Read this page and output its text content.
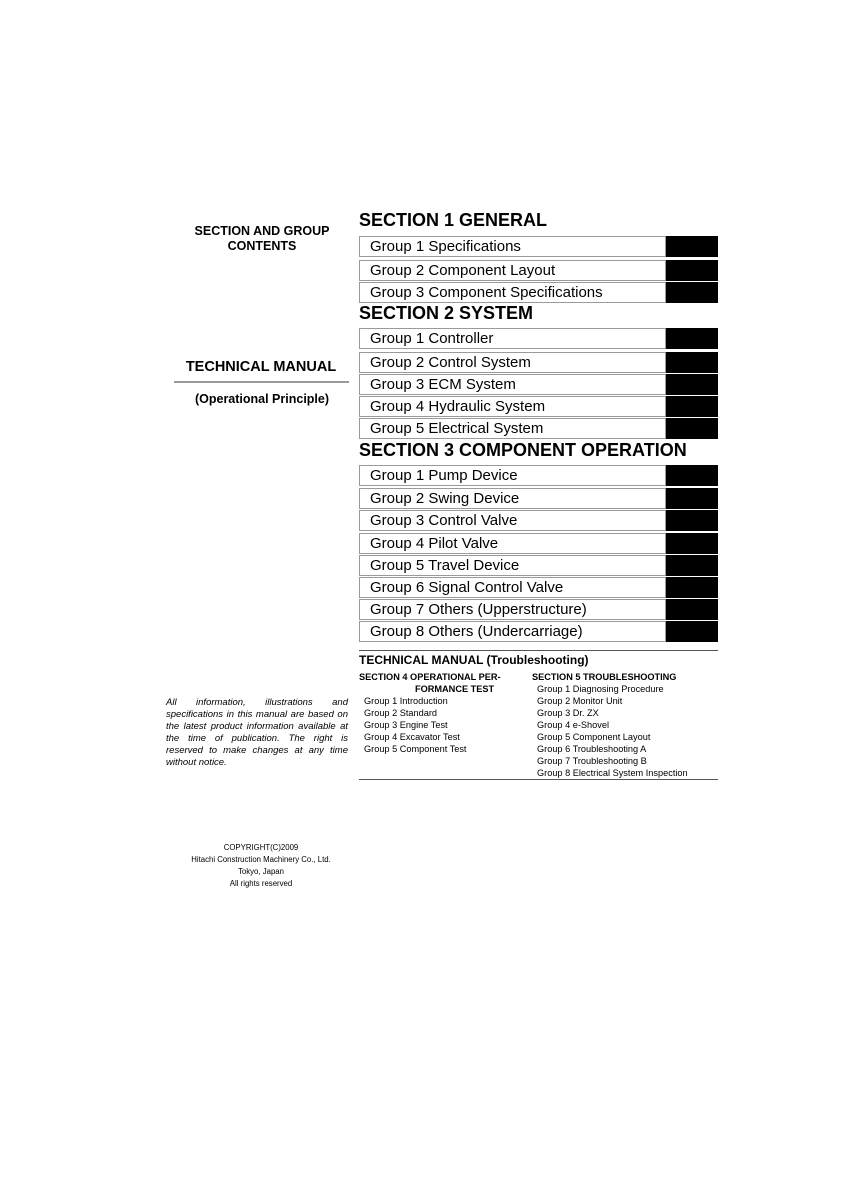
SECTION AND GROUP
CONTENTS
TECHNICAL MANUAL
(Operational Principle)
All information, illustrations and specifications in this manual are based on the latest product information available at the time of publication. The right is reserved to make changes at any time without notice.
COPYRIGHT(C)2009
Hitachi Construction Machinery Co., Ltd.
Tokyo, Japan
All rights reserved
SECTION 1 GENERAL
Group 1 Specifications
Group 2 Component Layout
Group 3 Component Specifications
SECTION 2 SYSTEM
Group 1 Controller
Group 2 Control System
Group 3 ECM System
Group 4 Hydraulic System
Group 5 Electrical System
SECTION 3 COMPONENT OPERATION
Group 1 Pump Device
Group 2 Swing Device
Group 3 Control Valve
Group 4 Pilot Valve
Group 5 Travel Device
Group 6 Signal Control Valve
Group 7 Others (Upperstructure)
Group 8 Others (Undercarriage)
TECHNICAL MANUAL (Troubleshooting)
SECTION 4 OPERATIONAL PER-
FORMANCE TEST
Group 1 Introduction
Group 2 Standard
Group 3 Engine Test
Group 4 Excavator Test
Group 5 Component Test
SECTION 5 TROUBLESHOOTING
Group 1 Diagnosing Procedure
Group 2 Monitor Unit
Group 3 Dr. ZX
Group 4 e-Shovel
Group 5 Component Layout
Group 6 Troubleshooting A
Group 7 Troubleshooting B
Group 8 Electrical System Inspection
